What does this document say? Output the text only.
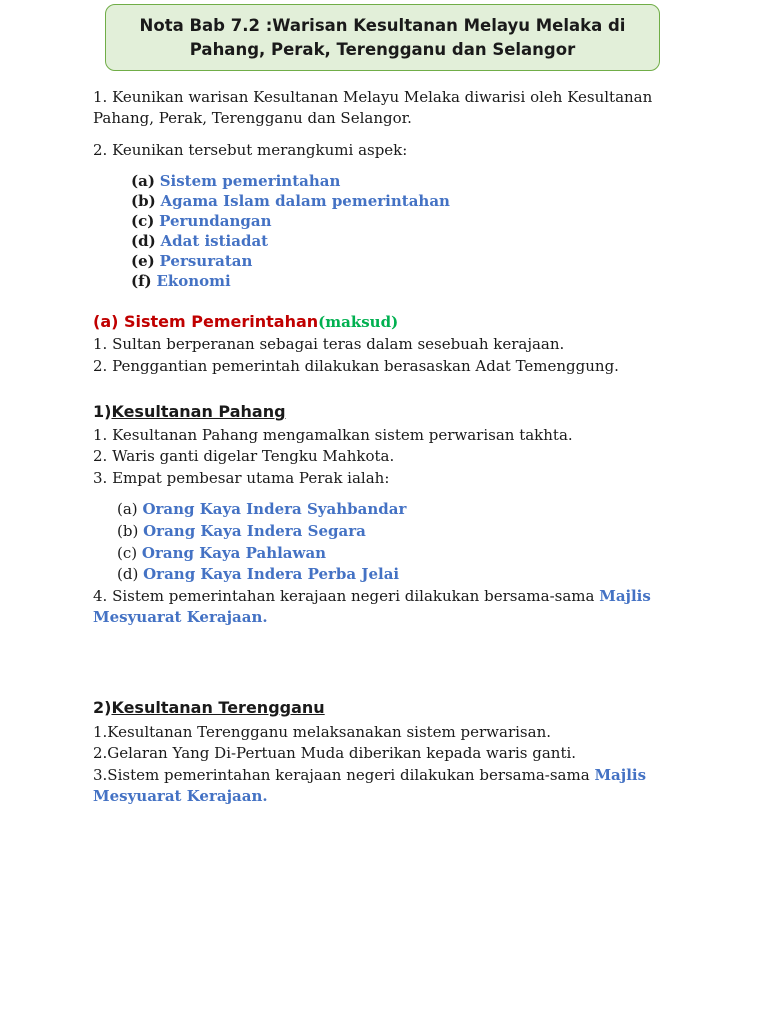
Nota Bab 7.2 :Warisan Kesultanan Melayu Melaka di
Pahang, Perak, Terengganu dan Selangor
1. Keunikan warisan Kesultanan Melayu Melaka diwarisi oleh Kesultanan
Pahang, Perak, Terengganu dan Selangor.
2. Keunikan tersebut merangkumi aspek:
(a) Sistem pemerintahan
(b) Agama Islam dalam pemerintahan
(c) Perundangan
(d) Adat istiadat
(e) Persuratan
(f) Ekonomi
(a) Sistem Pemerintahan(maksud)
1. Sultan berperanan sebagai teras dalam sesebuah kerajaan.
2. Penggantian pemerintah dilakukan berasaskan Adat Temenggung.
1)Kesultanan Pahang
1. Kesultanan Pahang mengamalkan sistem perwarisan takhta.
2. Waris ganti digelar Tengku Mahkota.
3. Empat pembesar utama Perak ialah:
(a) Orang Kaya Indera Syahbandar
(b) Orang Kaya Indera Segara
(c) Orang Kaya Pahlawan
(d) Orang Kaya Indera Perba Jelai
4. Sistem pemerintahan kerajaan negeri dilakukan bersama-sama Majlis
Mesyuarat Kerajaan.
2)Kesultanan Terengganu
1.Kesultanan Terengganu melaksanakan sistem perwarisan.
2.Gelaran Yang Di-Pertuan Muda diberikan kepada waris ganti.
3.Sistem pemerintahan kerajaan negeri dilakukan bersama-sama Majlis
Mesyuarat Kerajaan.
